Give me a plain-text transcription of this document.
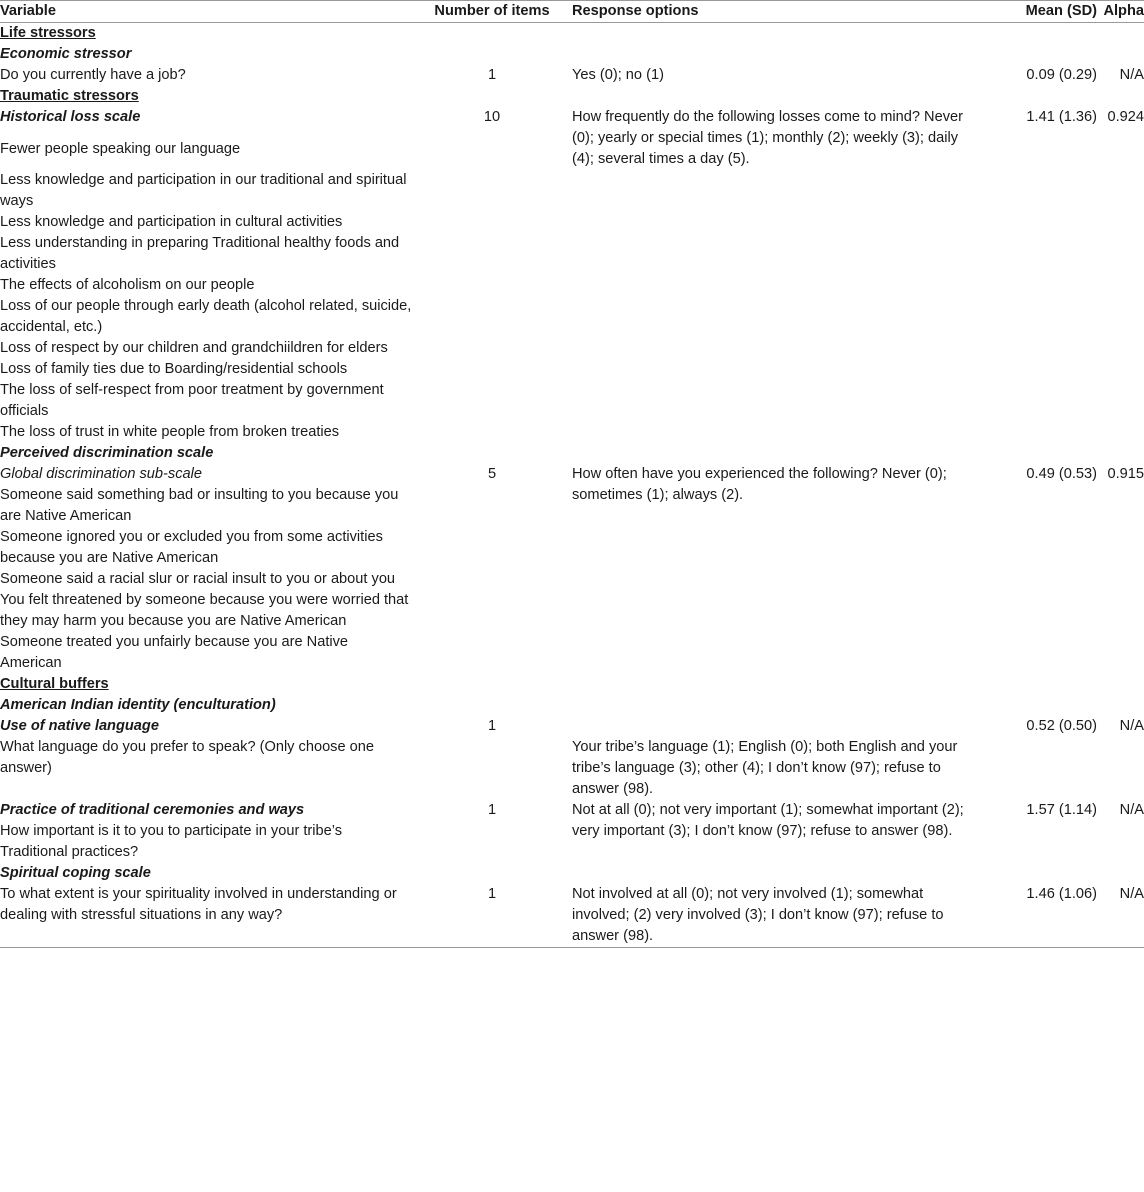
Variable	Number of items	Response options	Mean (SD)	Alpha
Life stressors				
Economic stressor				
Do you currently have a job?	1	Yes (0); no (1)	0.09 (0.29)	N/A
Traumatic stressors				
Historical loss scale	10	How frequently do the following losses come to mind? Never (0); yearly or special times (1); monthly (2); weekly (3); daily (4); several times a day (5).	1.41 (1.36)	0.924
Fewer people speaking our language				
Less knowledge and participation in our traditional and spiritual ways				
Less knowledge and participation in cultural activities				
Less understanding in preparing Traditional healthy foods and activities				
The effects of alcoholism on our people				
Loss of our people through early death (alcohol related, suicide, accidental, etc.)				
Loss of respect by our children and grandchiildren for elders				
Loss of family ties due to Boarding/residential schools				
The loss of self-respect from poor treatment by government officials				
The loss of trust in white people from broken treaties				
Perceived discrimination scale				
Global discrimination sub-scale	5	How often have you experienced the following? Never (0); sometimes (1); always (2).	0.49 (0.53)	0.915
Someone said something bad or insulting to you because you are Native American				
Someone ignored you or excluded you from some activities because you are Native American				
Someone said a racial slur or racial insult to you or about you				
You felt threatened by someone because you were worried that they may harm you because you are Native American				
Someone treated you unfairly because you are Native American				
Cultural buffers				
American Indian identity (enculturation)				
Use of native language	1		0.52 (0.50)	N/A
What language do you prefer to speak? (Only choose one answer)		Your tribe’s language (1); English (0); both English and your tribe’s language (3); other (4); I don’t know (97); refuse to answer (98).		
Practice of traditional ceremonies and ways	1	Not at all (0); not very important (1); somewhat important (2); very important (3); I don’t know (97); refuse to answer (98).	1.57 (1.14)	N/A
How important is it to you to participate in your tribe’s Traditional practices?				
Spiritual coping scale				
To what extent is your spirituality involved in understanding or dealing with stressful situations in any way?	1	Not involved at all (0); not very involved (1); somewhat involved; (2) very involved (3); I don’t know (97); refuse to answer (98).	1.46 (1.06)	N/A
